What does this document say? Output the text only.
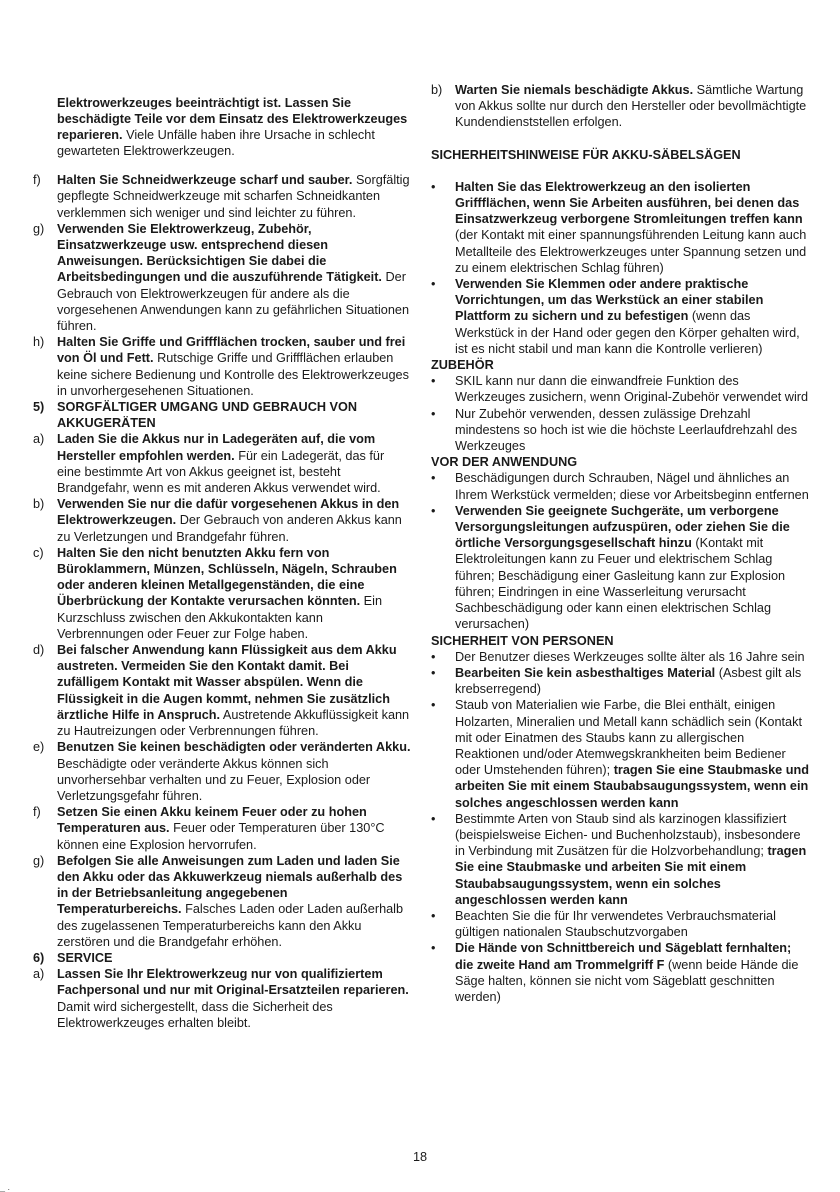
Elektrowerkzeuges beeinträchtigt ist. Lassen Sie beschädigte Teile vor dem Einsatz des Elektrowerkzeuges reparieren. Viele Unfälle haben ihre Ursache in schlecht gewarteten Elektrowerkzeugen.

f)	Halten Sie Schneidwerkzeuge scharf und sauber. Sorgfältig gepflegte Schneidwerkzeuge mit scharfen Schneidkanten verklemmen sich weniger und sind leichter zu führen.
g)	Verwenden Sie Elektrowerkzeug, Zubehör, Einsatzwerkzeuge usw. entsprechend diesen Anweisungen. Berücksichtigen Sie dabei die Arbeitsbedingungen und die auszuführende Tätigkeit. Der Gebrauch von Elektrowerkzeugen für andere als die vorgesehenen Anwendungen kann zu gefährlichen Situationen führen.
h)	Halten Sie Griffe und Griffflächen trocken, sauber und frei von Öl und Fett. Rutschige Griffe und Griffflächen erlauben keine sichere Bedienung und Kontrolle des Elektrowerkzeuges in unvorhergesehenen Situationen.
5)	SORGFÄLTIGER UMGANG UND GEBRAUCH VON AKKUGERÄTEN
a)	Laden Sie die Akkus nur in Ladegeräten auf, die vom Hersteller empfohlen werden. Für ein Ladegerät, das für eine bestimmte Art von Akkus geeignet ist, besteht Brandgefahr, wenn es mit anderen Akkus verwendet wird.
b)	Verwenden Sie nur die dafür vorgesehenen Akkus in den Elektrowerkzeugen. Der Gebrauch von anderen Akkus kann zu Verletzungen und Brandgefahr führen.
c)	Halten Sie den nicht benutzten Akku fern von Büroklammern, Münzen, Schlüsseln, Nägeln, Schrauben oder anderen kleinen Metallgegenständen, die eine Überbrückung der Kontakte verursachen könnten. Ein Kurzschluss zwischen den Akkukontakten kann Verbrennungen oder Feuer zur Folge haben.
d)	Bei falscher Anwendung kann Flüssigkeit aus dem Akku austreten. Vermeiden Sie den Kontakt damit. Bei zufälligem Kontakt mit Wasser abspülen. Wenn die Flüssigkeit in die Augen kommt, nehmen Sie zusätzlich ärztliche Hilfe in Anspruch. Austretende Akkuflüssigkeit kann zu Hautreizungen oder Verbrennungen führen.
e)	Benutzen Sie keinen beschädigten oder veränderten Akku. Beschädigte oder veränderte Akkus können sich unvorhersehbar verhalten und zu Feuer, Explosion oder Verletzungsgefahr führen.
f)	Setzen Sie einen Akku keinem Feuer oder zu hohen Temperaturen aus. Feuer oder Temperaturen über 130°C können eine Explosion hervorrufen.
g)	Befolgen Sie alle Anweisungen zum Laden und laden Sie den Akku oder das Akkuwerkzeug niemals außerhalb des in der Betriebsanleitung angegebenen Temperaturbereichs. Falsches Laden oder Laden außerhalb des zugelassenen Temperaturbereichs kann den Akku zerstören und die Brandgefahr erhöhen.
6)	SERVICE
a)	Lassen Sie Ihr Elektrowerkzeug nur von qualifiziertem Fachpersonal und nur mit Original-Ersatzteilen reparieren. Damit wird sichergestellt, dass die Sicherheit des Elektrowerkzeuges erhalten bleibt.
b)	Warten Sie niemals beschädigte Akkus. Sämtliche Wartung von Akkus sollte nur durch den Hersteller oder bevollmächtigte Kundendienststellen erfolgen.
SICHERHEITSHINWEISE FÜR AKKU-SÄBELSÄGEN
•	Halten Sie das Elektrowerkzeug an den isolierten Griffflächen, wenn Sie Arbeiten ausführen, bei denen das Einsatzwerkzeug verborgene Stromleitungen treffen kann (der Kontakt mit einer spannungsführenden Leitung kann auch Metallteile des Elektrowerkzeuges unter Spannung setzen und zu einem elektrischen Schlag führen)
•	Verwenden Sie Klemmen oder andere praktische Vorrichtungen, um das Werkstück an einer stabilen Plattform zu sichern und zu befestigen (wenn das Werkstück in der Hand oder gegen den Körper gehalten wird, ist es nicht stabil und man kann die Kontrolle verlieren)
ZUBEHÖR
•	SKIL kann nur dann die einwandfreie Funktion des Werkzeuges zusichern, wenn Original-Zubehör verwendet wird
•	Nur Zubehör verwenden, dessen zulässige Drehzahl mindestens so hoch ist wie die höchste Leerlaufdrehzahl des Werkzeuges
VOR DER ANWENDUNG
•	Beschädigungen durch Schrauben, Nägel und ähnliches an Ihrem Werkstück vermelden; diese vor Arbeitsbeginn entfernen
•	Verwenden Sie geeignete Suchgeräte, um verborgene Versorgungsleitungen aufzuspüren, oder ziehen Sie die örtliche Versorgungsgesellschaft hinzu (Kontakt mit Elektroleitungen kann zu Feuer und elektrischem Schlag führen; Beschädigung einer Gasleitung kann zur Explosion führen; Eindringen in eine Wasserleitung verursacht Sachbeschädigung oder kann einen elektrischen Schlag verursachen)
SICHERHEIT VON PERSONEN
•	Der Benutzer dieses Werkzeuges sollte älter als 16 Jahre sein
•	Bearbeiten Sie kein asbesthaltiges Material (Asbest gilt als krebserregend)
•	Staub von Materialien wie Farbe, die Blei enthält, einigen Holzarten, Mineralien und Metall kann schädlich sein (Kontakt mit oder Einatmen des Staubs kann zu allergischen Reaktionen und/oder Atemwegskrankheiten beim Bediener oder Umstehenden führen); tragen Sie eine Staubmaske und arbeiten Sie mit einem Staubabsaugungssystem, wenn ein solches angeschlossen werden kann
•	Bestimmte Arten von Staub sind als karzinogen klassifiziert (beispielsweise Eichen- und Buchenholzstaub), insbesondere in Verbindung mit Zusätzen für die Holzvorbehandlung; tragen Sie eine Staubmaske und arbeiten Sie mit einem Staubabsaugungssystem, wenn ein solches angeschlossen werden kann
•	Beachten Sie die für Ihr verwendetes Verbrauchsmaterial gültigen nationalen Staubschutzvorgaben
•	Die Hände von Schnittbereich und Sägeblatt fernhalten; die zweite Hand am Trommelgriff F (wenn beide Hände die Säge halten, können sie nicht vom Sägeblatt geschnitten werden)
18
_ .
